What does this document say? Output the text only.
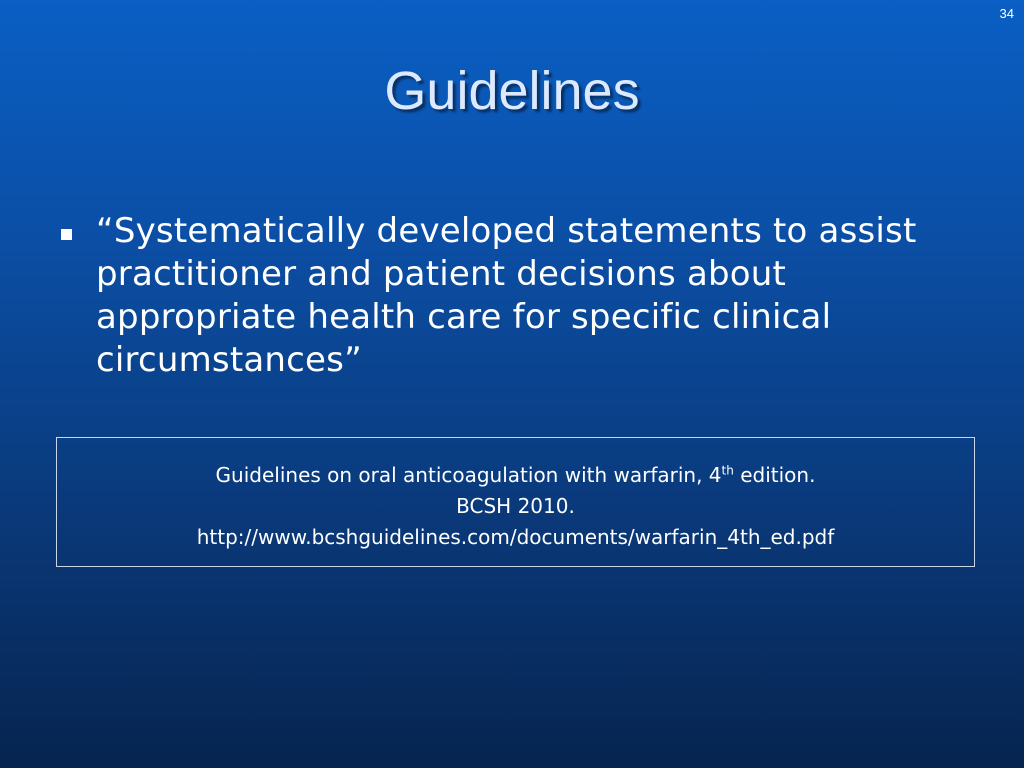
34
Guidelines
“Systematically developed statements to assist practitioner and patient decisions about appropriate health care for specific clinical circumstances”
Guidelines on oral anticoagulation with warfarin, 4th edition.
BCSH 2010.
http://www.bcshguidelines.com/documents/warfarin_4th_ed.pdf
